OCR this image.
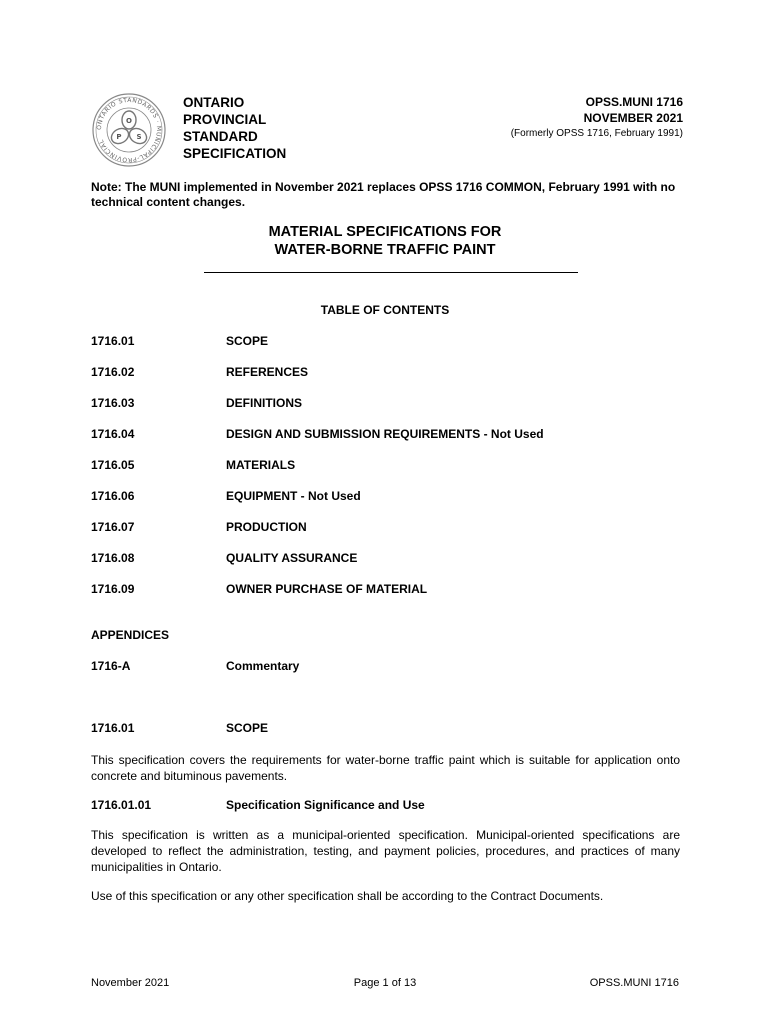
ONTARIO STANDARDS · MUNICIPAL-PROVINCIAL
O
P S
ONTARIO
PROVINCIAL
STANDARD
SPECIFICATION
OPSS.MUNI 1716
NOVEMBER 2021
(Formerly OPSS 1716, February 1991)
Note: The MUNI implemented in November 2021 replaces OPSS 1716 COMMON, February 1991 with no technical content changes.
MATERIAL SPECIFICATIONS FOR
WATER-BORNE TRAFFIC PAINT
TABLE OF CONTENTS
1716.01	SCOPE
1716.02	REFERENCES
1716.03	DEFINITIONS
1716.04	DESIGN AND SUBMISSION REQUIREMENTS - Not Used
1716.05	MATERIALS
1716.06	EQUIPMENT - Not Used
1716.07	PRODUCTION
1716.08	QUALITY ASSURANCE
1716.09	OWNER PURCHASE OF MATERIAL
APPENDICES
1716-A	Commentary
1716.01	SCOPE
This specification covers the requirements for water-borne traffic paint which is suitable for application onto concrete and bituminous pavements.
1716.01.01	Specification Significance and Use
This specification is written as a municipal-oriented specification. Municipal-oriented specifications are developed to reflect the administration, testing, and payment policies, procedures, and practices of many municipalities in Ontario.
Use of this specification or any other specification shall be according to the Contract Documents.
November 2021	Page 1 of 13	OPSS.MUNI 1716
